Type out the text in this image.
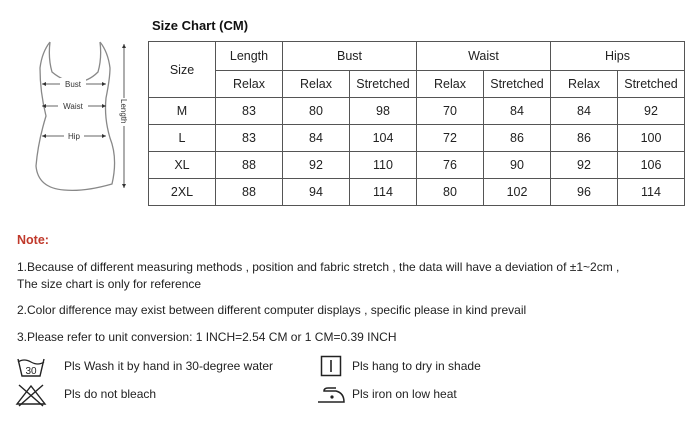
Bust
Waist
Hip
Length
Size Chart (CM)
Size	Length	Bust		Waist		Hips	
	Relax	Relax	Stretched	Relax	Stretched	Relax	Stretched
M	83	80	98	70	84	84	92
L	83	84	104	72	86	86	100
XL	88	92	110	76	90	92	106
2XL	88	94	114	80	102	96	114
Note:
1.Because of different measuring methods , position and fabric stretch , the data will have a deviation of ±1~2cm ,
The size chart is only for reference
2.Color difference may exist between different computer displays , specific please in kind prevail
3.Please refer to unit conversion: 1 INCH=2.54 CM or 1 CM=0.39 INCH
30 Pls Wash it by hand in 30-degree water	Pls hang to dry in shade
Pls do not bleach	Pls iron on low heat
